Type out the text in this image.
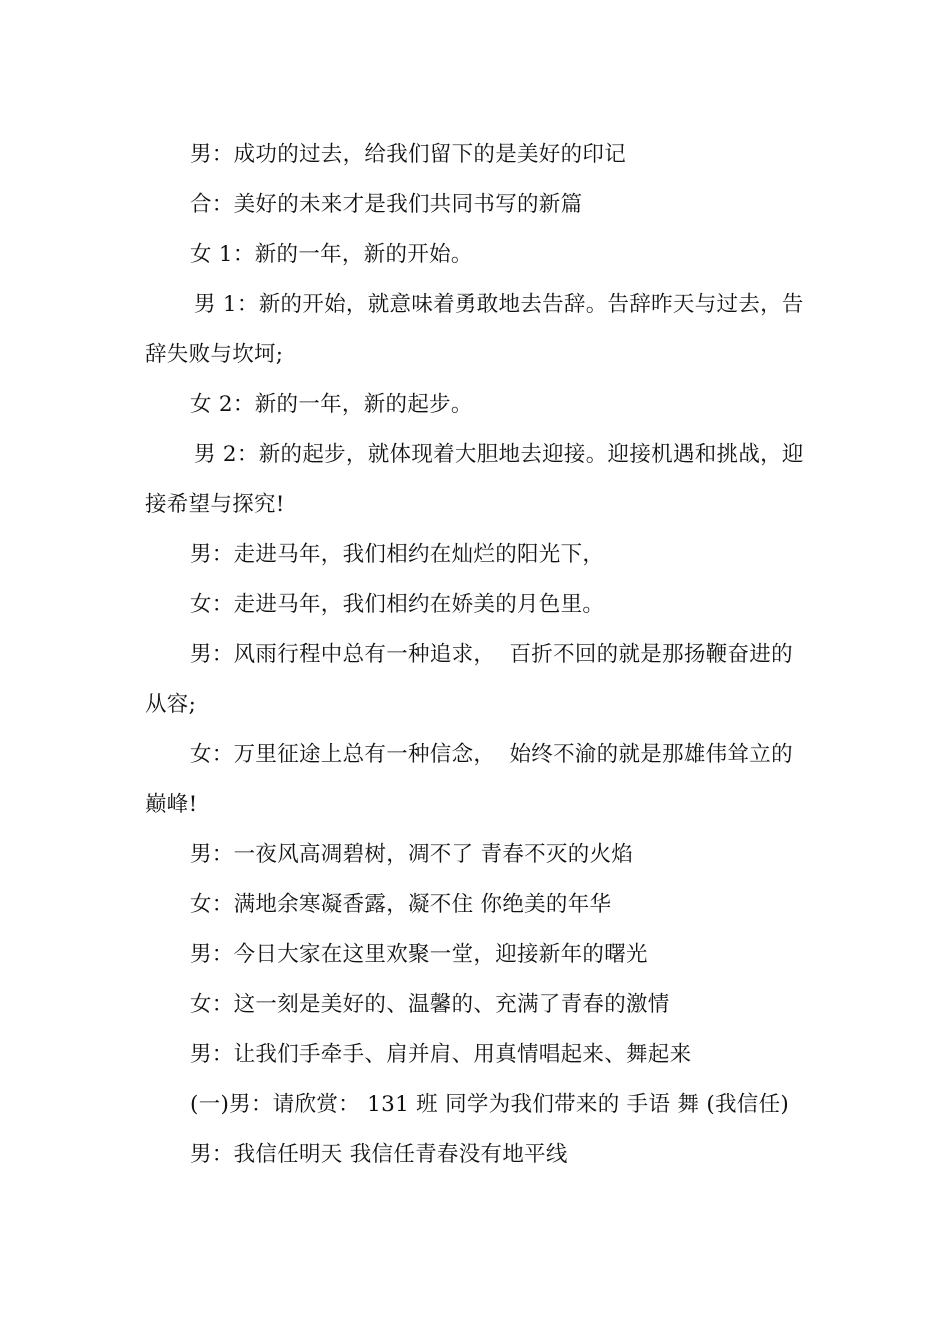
男：成功的过去，给我们留下的是美好的印记

合：美好的未来才是我们共同书写的新篇

女 1：新的一年，新的开始。

男 1：新的开始，就意味着勇敢地去告辞。告辞昨天与过去，告辞失败与坎坷;

女 2：新的一年，新的起步。

男 2：新的起步，就体现着大胆地去迎接。迎接机遇和挑战，迎接希望与探究!

男：走进马年，我们相约在灿烂的阳光下，

女：走进马年，我们相约在娇美的月色里。

男：风雨行程中总有一种追求，  百折不回的就是那扬鞭奋进的从容;

女：万里征途上总有一种信念，  始终不渝的就是那雄伟耸立的巅峰!

男：一夜风高凋碧树，凋不了 青春不灭的火焰

女：满地余寒凝香露，凝不住 你绝美的年华

男：今日大家在这里欢聚一堂，迎接新年的曙光

女：这一刻是美好的、温馨的、充满了青春的激情

男：让我们手牵手、肩并肩、用真情唱起来、舞起来

(一)男：请欣赏： 131 班 同学为我们带来的 手语 舞 (我信任)

男：我信任明天 我信任青春没有地平线
